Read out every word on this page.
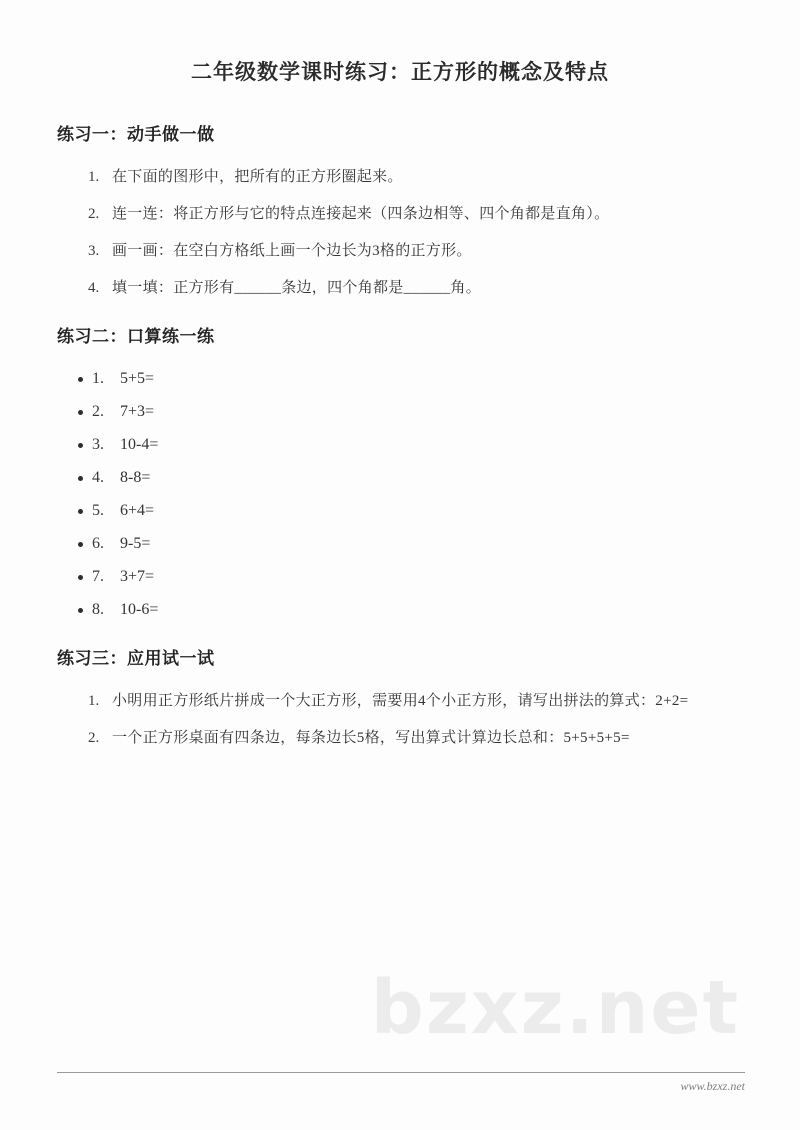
二年级数学课时练习：正方形的概念及特点
练习一：动手做一做
1. 在下面的图形中，把所有的正方形圈起来。
2. 连一连：将正方形与它的特点连接起来（四条边相等、四个角都是直角）。
3. 画一画：在空白方格纸上画一个边长为3格的正方形。
4. 填一填：正方形有______条边，四个角都是______角。
练习二：口算练一练
1.	5+5=
2.	7+3=
3.	10-4=
4.	8-8=
5.	6+4=
6.	9-5=
7.	3+7=
8.	10-6=
练习三：应用试一试
1. 小明用正方形纸片拼成一个大正方形，需要用4个小正方形，请写出拼法的算式：2+2=
2. 一个正方形桌面有四条边，每条边长5格，写出算式计算边长总和：5+5+5+5=
bzxz.net
www.bzxz.net
